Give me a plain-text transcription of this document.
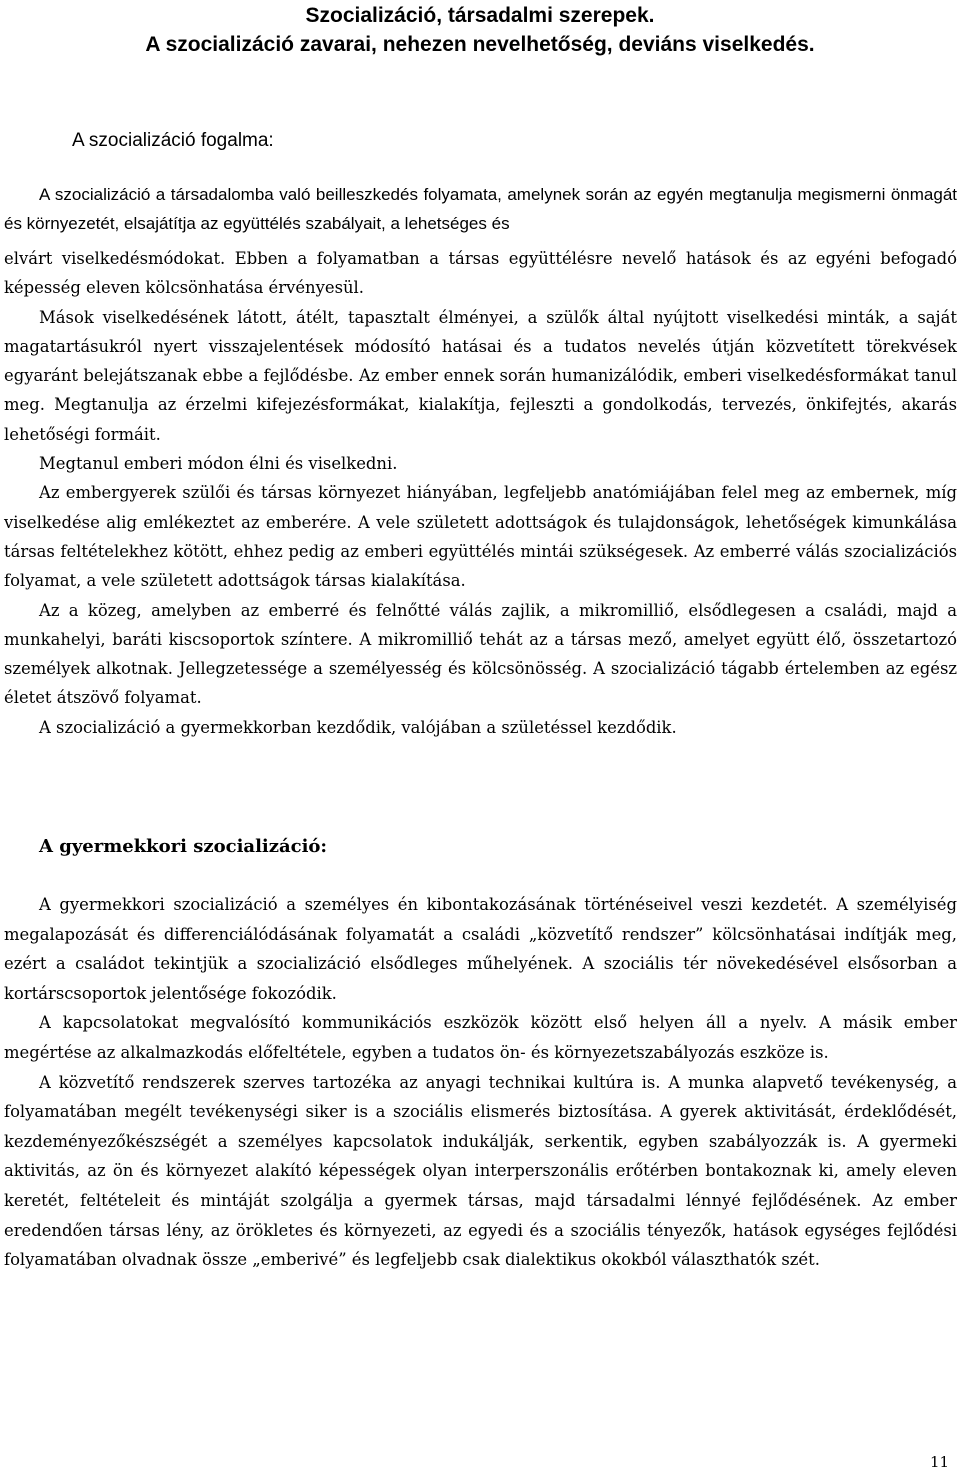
Szocializáció, társadalmi szerepek.
A szocializáció zavarai, nehezen nevelhetőség, deviáns viselkedés.
A szocializáció fogalma:

A szocializáció a társadalomba való beilleszkedés folyamata, amelynek során az egyén megtanulja megismerni önmagát és környezetét, elsajátítja az együttélés szabályait, a lehetséges és

elvárt viselkedésmódokat. Ebben a folyamatban a társas együttélésre nevelő hatások és az egyéni befogadó képesség eleven kölcsönhatása érvényesül.

Mások viselkedésének látott, átélt, tapasztalt élményei, a szülők által nyújtott viselkedési minták, a saját magatartásukról nyert visszajelentések módosító hatásai és a tudatos nevelés útján közvetített törekvések egyaránt belejátszanak ebbe a fejlődésbe. Az ember ennek során humanizálódik, emberi viselkedésformákat tanul meg. Megtanulja az érzelmi kifejezésformákat, kialakítja, fejleszti a gondolkodás, tervezés, önkifejtés, akarás lehetőségi formáit.

Megtanul emberi módon élni és viselkedni.

Az embergyerek szülői és társas környezet hiányában, legfeljebb anatómiájában felel meg az embernek, míg viselkedése alig emlékeztet az emberére. A vele született adottságok és tulajdonságok, lehetőségek kimunkálása társas feltételekhez kötött, ehhez pedig az emberi együttélés mintái szükségesek. Az emberré válás szocializációs folyamat, a vele született adottságok társas kialakítása.

Az a közeg, amelyben az emberré és felnőtté válás zajlik, a mikromilliő, elsődlegesen a családi, majd a munkahelyi, baráti kiscsoportok színtere. A mikromilliő tehát az a társas mező, amelyet együtt élő, összetartozó személyek alkotnak. Jellegzetessége a személyesség és kölcsönösség. A szocializáció tágabb értelemben az egész életet átszövő folyamat.

A szocializáció a gyermekkorban kezdődik, valójában a születéssel kezdődik.

A gyermekkori szocializáció:

A gyermekkori szocializáció a személyes én kibontakozásának történéseivel veszi kezdetét. A személyiség megalapozását és differenciálódásának folyamatát a családi „közvetítő rendszer” kölcsönhatásai indítják meg, ezért a családot tekintjük a szocializáció elsődleges műhelyének. A szociális tér növekedésével elsősorban a kortárscsoportok jelentősége fokozódik.

A kapcsolatokat megvalósító kommunikációs eszközök között első helyen áll a nyelv. A másik ember megértése az alkalmazkodás előfeltétele, egyben a tudatos ön- és környezetszabályozás eszköze is.

A közvetítő rendszerek szerves tartozéka az anyagi technikai kultúra is. A munka alapvető tevékenység, a folyamatában megélt tevékenységi siker is a szociális elismerés biztosítása. A gyerek aktivitását, érdeklődését, kezdeményezőkészségét a személyes kapcsolatok indukálják, serkentik, egyben szabályozzák is. A gyermeki aktivitás, az ön és környezet alakító képességek olyan interperszonális erőtérben bontakoznak ki, amely eleven keretét, feltételeit és mintáját szolgálja a gyermek társas, majd társadalmi lénnyé fejlődésének. Az ember eredendően társas lény, az örökletes és környezeti, az egyedi és a szociális tényezők, hatások egységes fejlődési folyamatában olvadnak össze „emberivé” és legfeljebb csak dialektikus okokból választhatók szét.

11
